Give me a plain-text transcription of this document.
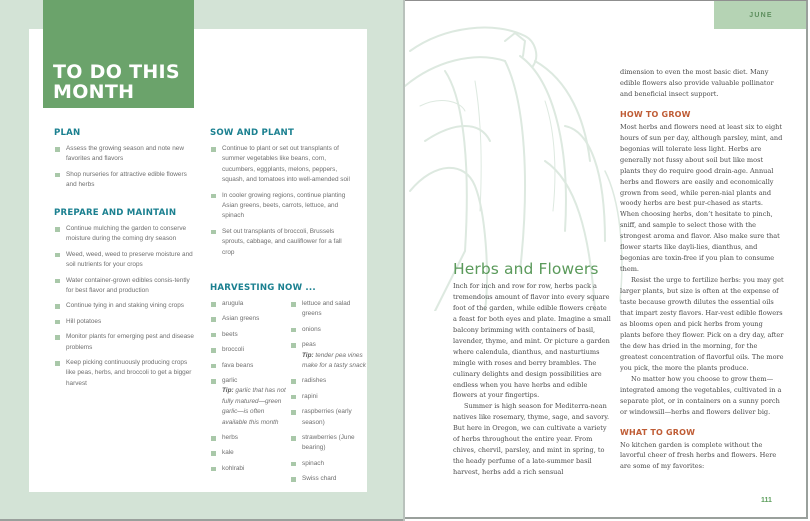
TO DO THIS MONTH
PLAN
Assess the growing season and note new favorites and flavors
Shop nurseries for attractive edible flowers and herbs
PREPARE AND MAINTAIN
Continue mulching the garden to conserve moisture during the coming dry season
Weed, weed, weed to preserve moisture and soil nutrients for your crops
Water container-grown edibles consis-tently for best flavor and production
Continue tying in and staking vining crops
Hill potatoes
Monitor plants for emerging pest and disease problems
Keep picking continuously producing crops like peas, herbs, and broccoli to get a bigger harvest
SOW AND PLANT
Continue to plant or set out transplants of summer vegetables like beans, corn, cucumbers, eggplants, melons, peppers, squash, and tomatoes into well-amended soil
In cooler growing regions, continue planting Asian greens, beets, carrots, lettuce, and spinach
Set out transplants of broccoli, Brussels sprouts, cabbage, and cauliflower for a fall crop
HARVESTING NOW ...
arugula
Asian greens
beets
broccoli
fava beans
garlic
Tip: garlic that has not fully matured—green garlic—is often available this month
herbs
kale
kohlrabi
lettuce and salad greens
onions
peas
Tip: tender pea vines make for a tasty snack
radishes
rapini
raspberries (early season)
strawberries (June bearing)
spinach
Swiss chard
JUNE
Herbs and Flowers

Inch for inch and row for row, herbs pack a tremendous amount of flavor into every square foot of the garden, while edible flowers create a feast for both eyes and plate. Imagine a small balcony brimming with containers of basil, lavender, thyme, and mint. Or picture a garden where calendula, dianthus, and nasturtiums mingle with roses and berry brambles. The culinary delights and design possibilities are endless when you have herbs and edible flowers at your fingertips.

Summer is high season for Mediterra-nean natives like rosemary, thyme, sage, and savory. But here in Oregon, we can cultivate a variety of herbs throughout the entire year. From chives, chervil, parsley, and mint in spring, to the heady perfume of a late-summer basil harvest, herbs add a rich sensual

dimension to even the most basic diet. Many edible flowers also provide valuable pollinator and beneficial insect support.

HOW TO GROW

Most herbs and flowers need at least six to eight hours of sun per day, although parsley, mint, and begonias will tolerate less light. Herbs are generally not fussy about soil but like most plants they do require good drain-age. Annual herbs and flowers are easily and economically grown from seed, while peren-nial plants and woody herbs are best pur-chased as starts. When choosing herbs, don’t hesitate to pinch, sniff, and sample to select those with the strongest aroma and flavor. Also make sure that flower starts like dayli-lies, dianthus, and begonias are toxin-free if you plan to consume them.

Resist the urge to fertilize herbs: you may get larger plants, but size is often at the expense of taste because growth dilutes the essential oils that impart zesty flavors. Har-vest edible flowers as blooms open and pick herbs from young plants before they flower. Pick on a dry day, after the dew has dried in the morning, for the greatest concentration of flavorful oils. The more you pick, the more the plants produce.

No matter how you choose to grow them—integrated among the vegetables, cultivated in a separate plot, or in containers on a sunny porch or windowsill—herbs and flowers deliver big.

WHAT TO GROW

No kitchen garden is complete without the lavorful cheer of fresh herbs and flowers. Here are some of my favorites:

111
